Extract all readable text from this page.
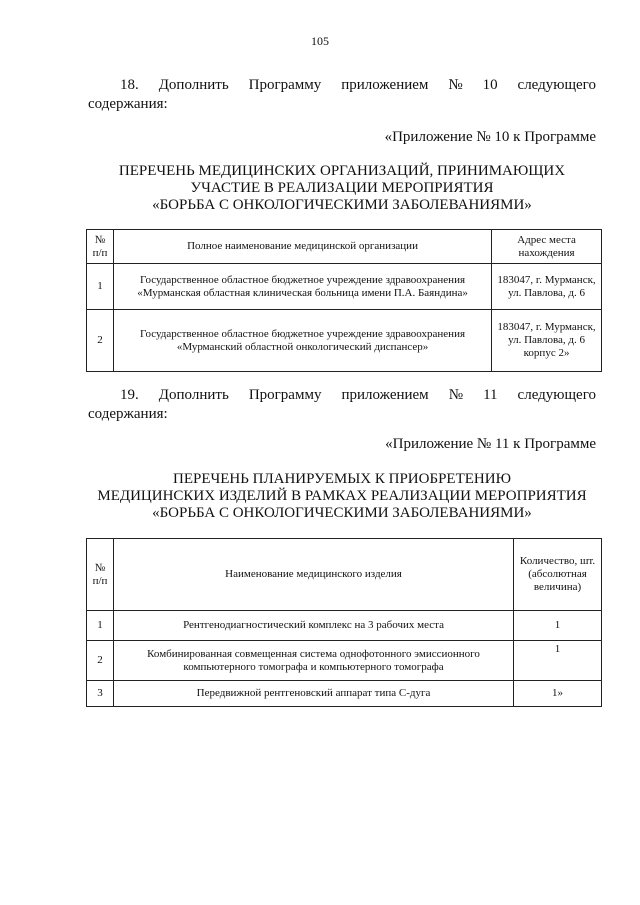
105
18. Дополнить Программу приложением № 10 следующего
содержания:
«Приложение № 10 к Программе
ПЕРЕЧЕНЬ МЕДИЦИНСКИХ ОРГАНИЗАЦИЙ, ПРИНИМАЮЩИХ
УЧАСТИЕ В РЕАЛИЗАЦИИ МЕРОПРИЯТИЯ
«БОРЬБА С ОНКОЛОГИЧЕСКИМИ ЗАБОЛЕВАНИЯМИ»
№ п/п	Полное наименование медицинской организации	Адрес места нахождения
1	Государственное областное бюджетное учреждение здравоохранения «Мурманская областная клиническая больница имени П.А. Баяндина»	183047, г. Мурманск, ул. Павлова, д. 6
2	Государственное областное бюджетное учреждение здравоохранения «Мурманский областной онкологический диспансер»	183047, г. Мурманск, ул. Павлова, д. 6 корпус 2»
19. Дополнить Программу приложением № 11 следующего
содержания:
«Приложение № 11 к Программе
ПЕРЕЧЕНЬ ПЛАНИРУЕМЫХ К ПРИОБРЕТЕНИЮ
МЕДИЦИНСКИХ ИЗДЕЛИЙ В РАМКАХ РЕАЛИЗАЦИИ МЕРОПРИЯТИЯ
«БОРЬБА С ОНКОЛОГИЧЕСКИМИ ЗАБОЛЕВАНИЯМИ»
№ п/п	Наименование медицинского изделия	Количество, шт. (абсолютная величина)
1	Рентгенодиагностический комплекс на 3 рабочих места	1
2	Комбинированная совмещенная система однофотонного эмиссионного компьютерного томографа и компьютерного томографа	1
3	Передвижной рентгеновский аппарат типа С-дуга	1»
